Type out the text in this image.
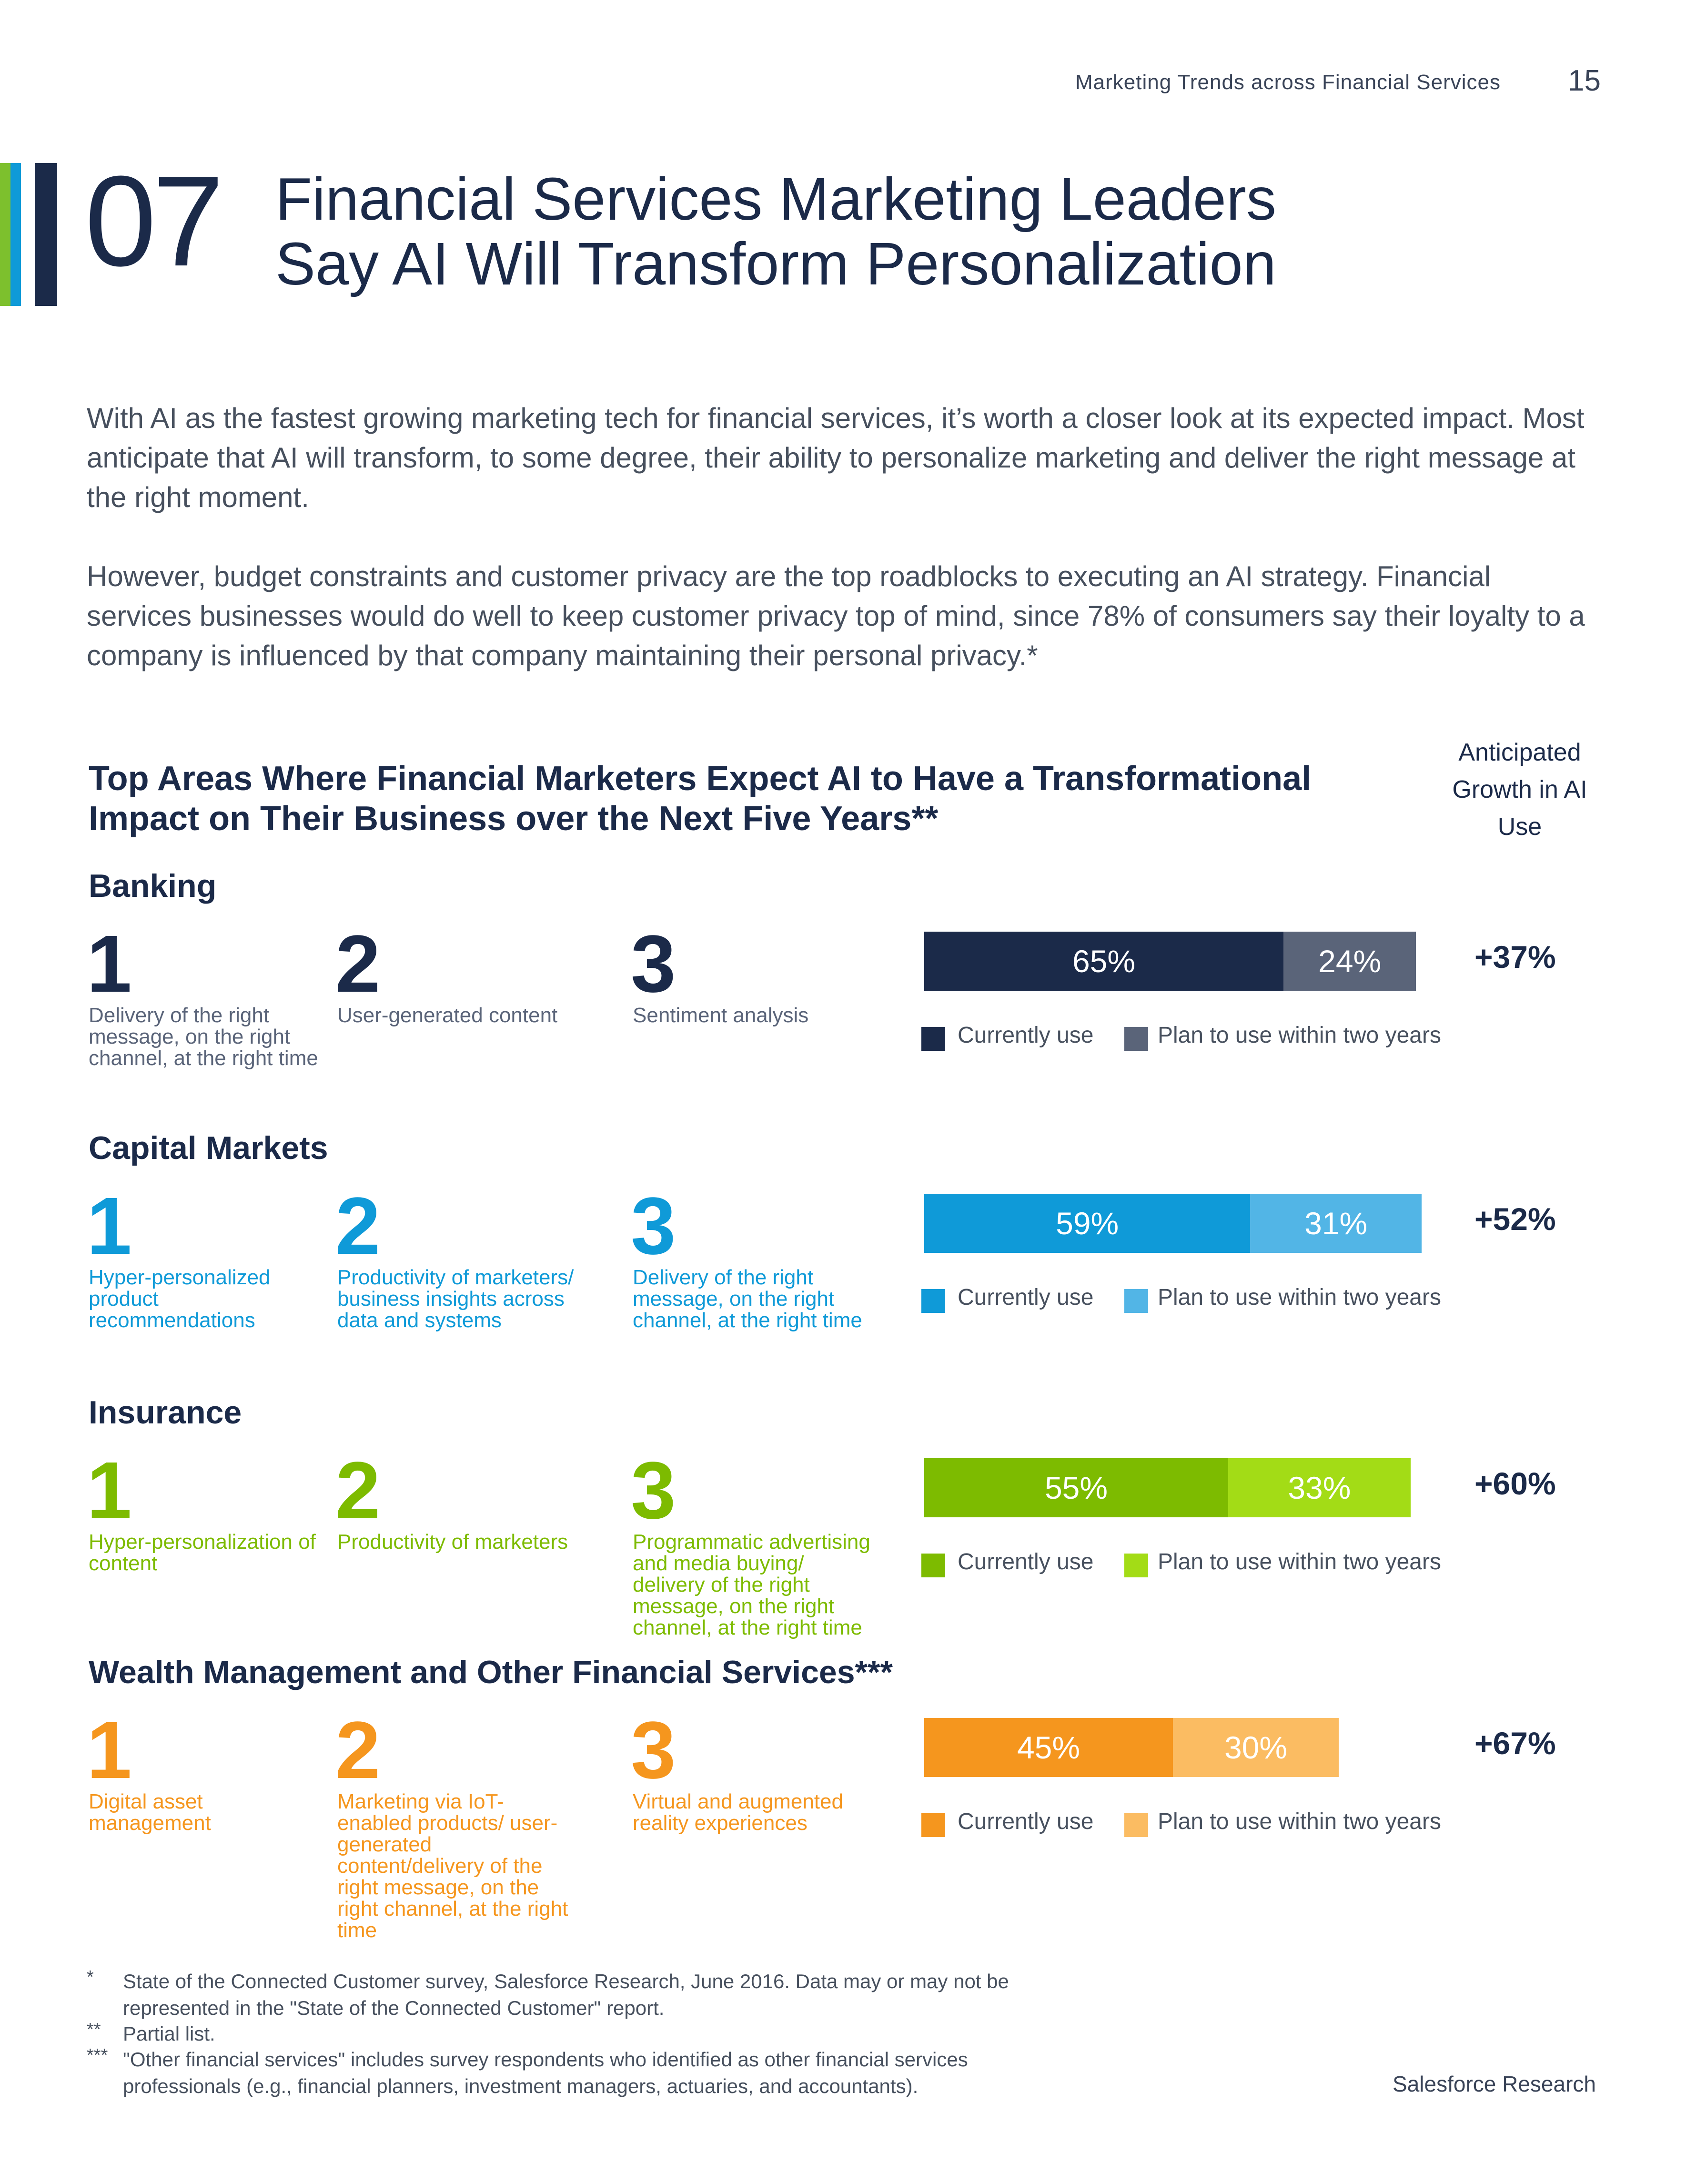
Marketing Trends across Financial Services	15
07 Financial Services Marketing Leaders
Say AI Will Transform Personalization
With AI as the fastest growing marketing tech for financial services, it’s worth a closer look at its expected impact. Most anticipate that AI will transform, to some degree, their ability to personalize marketing and deliver the right message at the right moment.
However, budget constraints and customer privacy are the top roadblocks to executing an AI strategy. Financial services businesses would do well to keep customer privacy top of mind, since 78% of consumers say their loyalty to a company is influenced by that company maintaining their personal privacy.*
Top Areas Where Financial Marketers Expect AI to Have a Transformational Impact on Their Business over the Next Five Years**
Anticipated Growth in AI Use
Banking
1
Delivery of the right message, on the right channel, at the right time
2
User-generated content
3
Sentiment analysis
65%	24%
Currently use	Plan to use within two years
+37%
Capital Markets
1
Hyper-personalized product recommendations
2
Productivity of marketers/ business insights across data and systems
3
Delivery of the right message, on the right channel, at the right time
59%	31%
Currently use	Plan to use within two years
+52%
Insurance
1
Hyper-personalization of content
2
Productivity of marketers
3
Programmatic advertising and media buying/ delivery of the right message, on the right channel, at the right time
55%	33%
Currently use	Plan to use within two years
+60%
Wealth Management and Other Financial Services***
1
Digital asset management
2
Marketing via IoT-enabled products/ user-generated content/delivery of the right message, on the right channel, at the right time
3
Virtual and augmented reality experiences
45%	30%
Currently use	Plan to use within two years
+67%
* State of the Connected Customer survey, Salesforce Research, June 2016. Data may or may not be represented in the "State of the Connected Customer" report.
** Partial list.
*** "Other financial services" includes survey respondents who identified as other financial services professionals (e.g., financial planners, investment managers, actuaries, and accountants).	Salesforce Research
